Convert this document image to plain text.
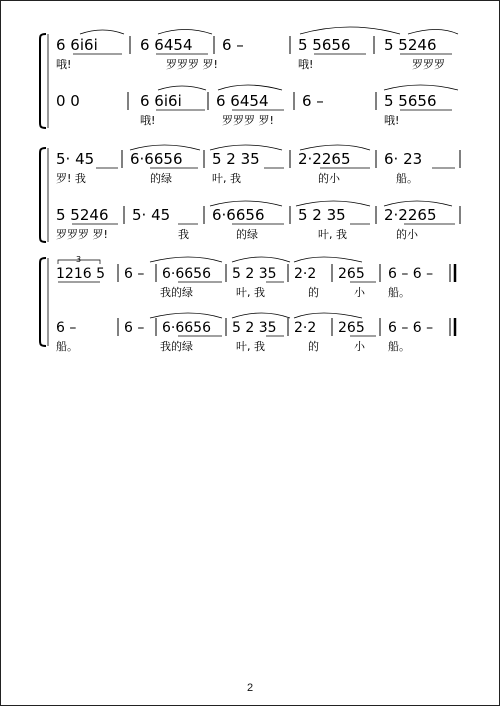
6 6i6i	6 6454 6 –	5 5656 5 5246
哦!	罗罗罗 罗!	哦!	罗罗罗
0 0	6 6i6i 6 6454 6 –	5 5656
哦!	罗罗罗 罗!	哦!
5· 45 6·6656 5 2 35	2·2265 6· 23
罗! 我	的绿	叶, 我	的小	船。
5 5246 5· 45	6·6656 5 2 35	2·2265
罗罗罗 罗!	我	的绿	叶, 我	的小
3
1216 5 6 – 6·6656 5 2 35 2·2 265 6 – 6 –
我的绿	叶, 我	的	小 船。
6 –	6 – 6·6656 5 2 35 2·2 265 6 – 6 –
船。	我的绿	叶, 我	的	小 船。
2
